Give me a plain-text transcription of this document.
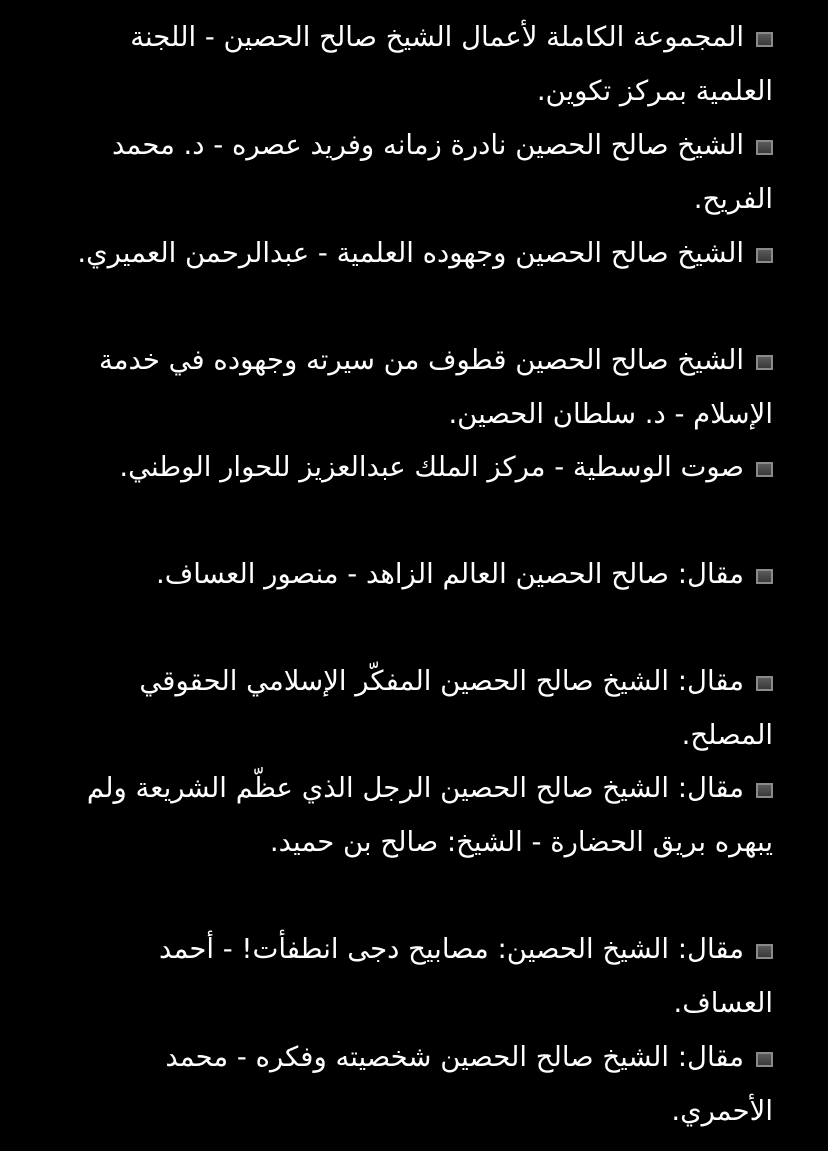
المجموعة الكاملة لأعمال الشيخ صالح الحصين - اللجنة العلمية بمركز تكوين.

الشيخ صالح الحصين نادرة زمانه وفريد عصره - د. محمد الفريح.

الشيخ صالح الحصين وجهوده العلمية - عبدالرحمن العميري.

الشيخ صالح الحصين قطوف من سيرته وجهوده في خدمة الإسلام - د. سلطان الحصين.

صوت الوسطية - مركز الملك عبدالعزيز للحوار الوطني.

مقال: صالح الحصين العالم الزاهد - منصور العساف.

مقال: الشيخ صالح الحصين المفكّر الإسلامي الحقوقي المصلح.

مقال: الشيخ صالح الحصين الرجل الذي عظّم الشريعة ولم يبهره بريق الحضارة - الشيخ: صالح بن حميد.

مقال: الشيخ الحصين: مصابيح دجى انطفأت! - أحمد العساف.

مقال: الشيخ صالح الحصين شخصيته وفكره - محمد الأحمري.
